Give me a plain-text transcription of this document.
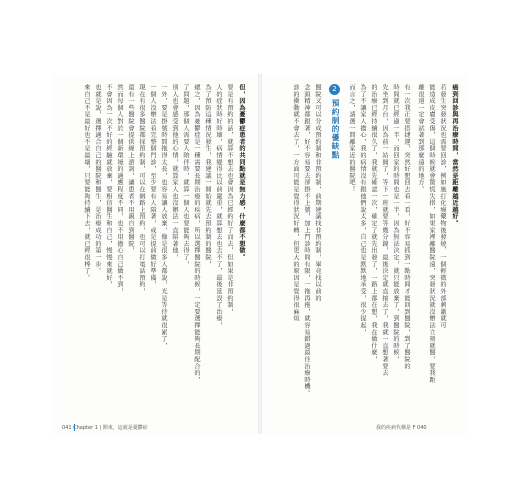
癌到回診與再治療時間，當然是距離越近越好。
若發生突發狀況也需要回診，例如施打化療藥物後發燒、一個輕微的外部刺激就可
能造成皮膚受傷，這個時候就會驚慌失措，如果家裡離醫院遠，突發狀況就沒辦法立刻就醫，要我距
離很遠一定會試著到那麼遠的地方。
有一次我正要搭捷運，突然好想回去看一看，好不容易抓到一點時間才能回到醫院，到了醫院的
時間就已經過一半，而回家的時間也是一半，因為無法決定，就只能放棄了，到醫院的時候，
先坐到月台，因為前一站開了，等下一班就要等幾分鐘，最後決定就直接去了，我就一直想著要去
的治療已經持續很久了，我就先確認一次，確定了就先出發了，一路上都在想，我在做什麼，
為了不讓家人擔心，我的病情沒有跟他們說太多，自己也是默默地承受，很少提起，
而言之，請選一間離家近的醫院吧！
2
預約制的優缺點
醫院又可以分成預約制和非預約制，前期建議找非預約制，畢竟找以前的
念頭精神都跟著，好不容易要去卻掛不上號，加上門診時間有限，一拖再拖，就容易錯過最佳治療時機。
診的衝動就不會去了，一方面可能是覺得狀況好轉，但更大的原因是覺得很麻煩
但，因為憂鬱症患者的共同點就是無力感，什麼都不想做。
要是有預約的話，就算不想去也會因為已經約好了而去，但如果是非預約制，
人的症狀時好時壞，病情變得比以前嚴重，就算想去也去不了，最後延誤了治療，
為了預防這種情況發生，我建議一開始就先去預約制的醫院，
總之，因為憂鬱症是一種需要長期治療的疾病，所以選擇醫院的時候，一定要選擇能夠長期配合的，
了問題，那個人需要人陪伴時，就算一個人也要能夠去得了，
別人也會感受到他的心情，就算家人也沒辦法一直陪著他，
一外，要是掛號時間拖得太長，也容易讓人放棄，像是很多人都說，光是等待就很累了，
一個人沒辦法看完整個門診，至少要有人陪著，或是提前做好準備，
現在有很多醫院都採預約制，可以在網路上預約，也可以打電話預約，
還有一些醫院會提供線上諮詢，讓患者不用親自到醫院，
然而每個人對於一個新環境的適應程度不同，也不用擔心自己做不到，
不會因為一次不好的經驗就放棄，要相信醫生和自己，慢慢來就好，
也就是說，選擇適合自己的醫院和醫生，是治療成功的第一步。
來自己不是最好也不是最壞，只要能夠持續下去，就已經很棒了。
041 Chapter 1 | 開來，這就是憂鬱症	我的疾病代稱是 F 040
